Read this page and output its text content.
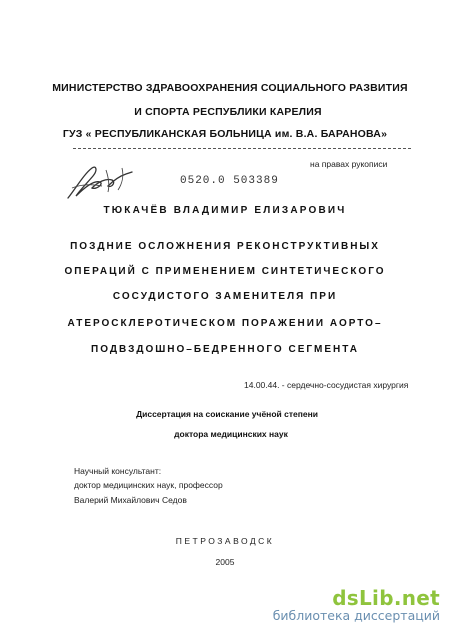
МИНИСТЕРСТВО ЗДРАВООХРАНЕНИЯ СОЦИАЛЬНОГО РАЗВИТИЯ
И СПОРТА РЕСПУБЛИКИ КАРЕЛИЯ
ГУЗ « РЕСПУБЛИКАНСКАЯ БОЛЬНИЦА им. В.А. БАРАНОВА»
на правах рукописи
0520.0 503389
ТЮКАЧЁВ ВЛАДИМИР ЕЛИЗАРОВИЧ
ПОЗДНИЕ ОСЛОЖНЕНИЯ РЕКОНСТРУКТИВНЫХ
ОПЕРАЦИЙ С ПРИМЕНЕНИЕМ СИНТЕТИЧЕСКОГО
СОСУДИСТОГО ЗАМЕНИТЕЛЯ ПРИ
АТЕРОСКЛЕРОТИЧЕСКОМ ПОРАЖЕНИИ АОРТО–
ПОДВЗДОШНО–БЕДРЕННОГО СЕГМЕНТА
14.00.44. - сердечно-сосудистая хирургия
Диссертация на соискание учёной степени
доктора медицинских наук
Научный консультант:
доктор медицинских наук, профессор
Валерий Михайлович Седов
ПЕТРОЗАВОДСК
2005
dsLib.net
библиотека диссертаций
